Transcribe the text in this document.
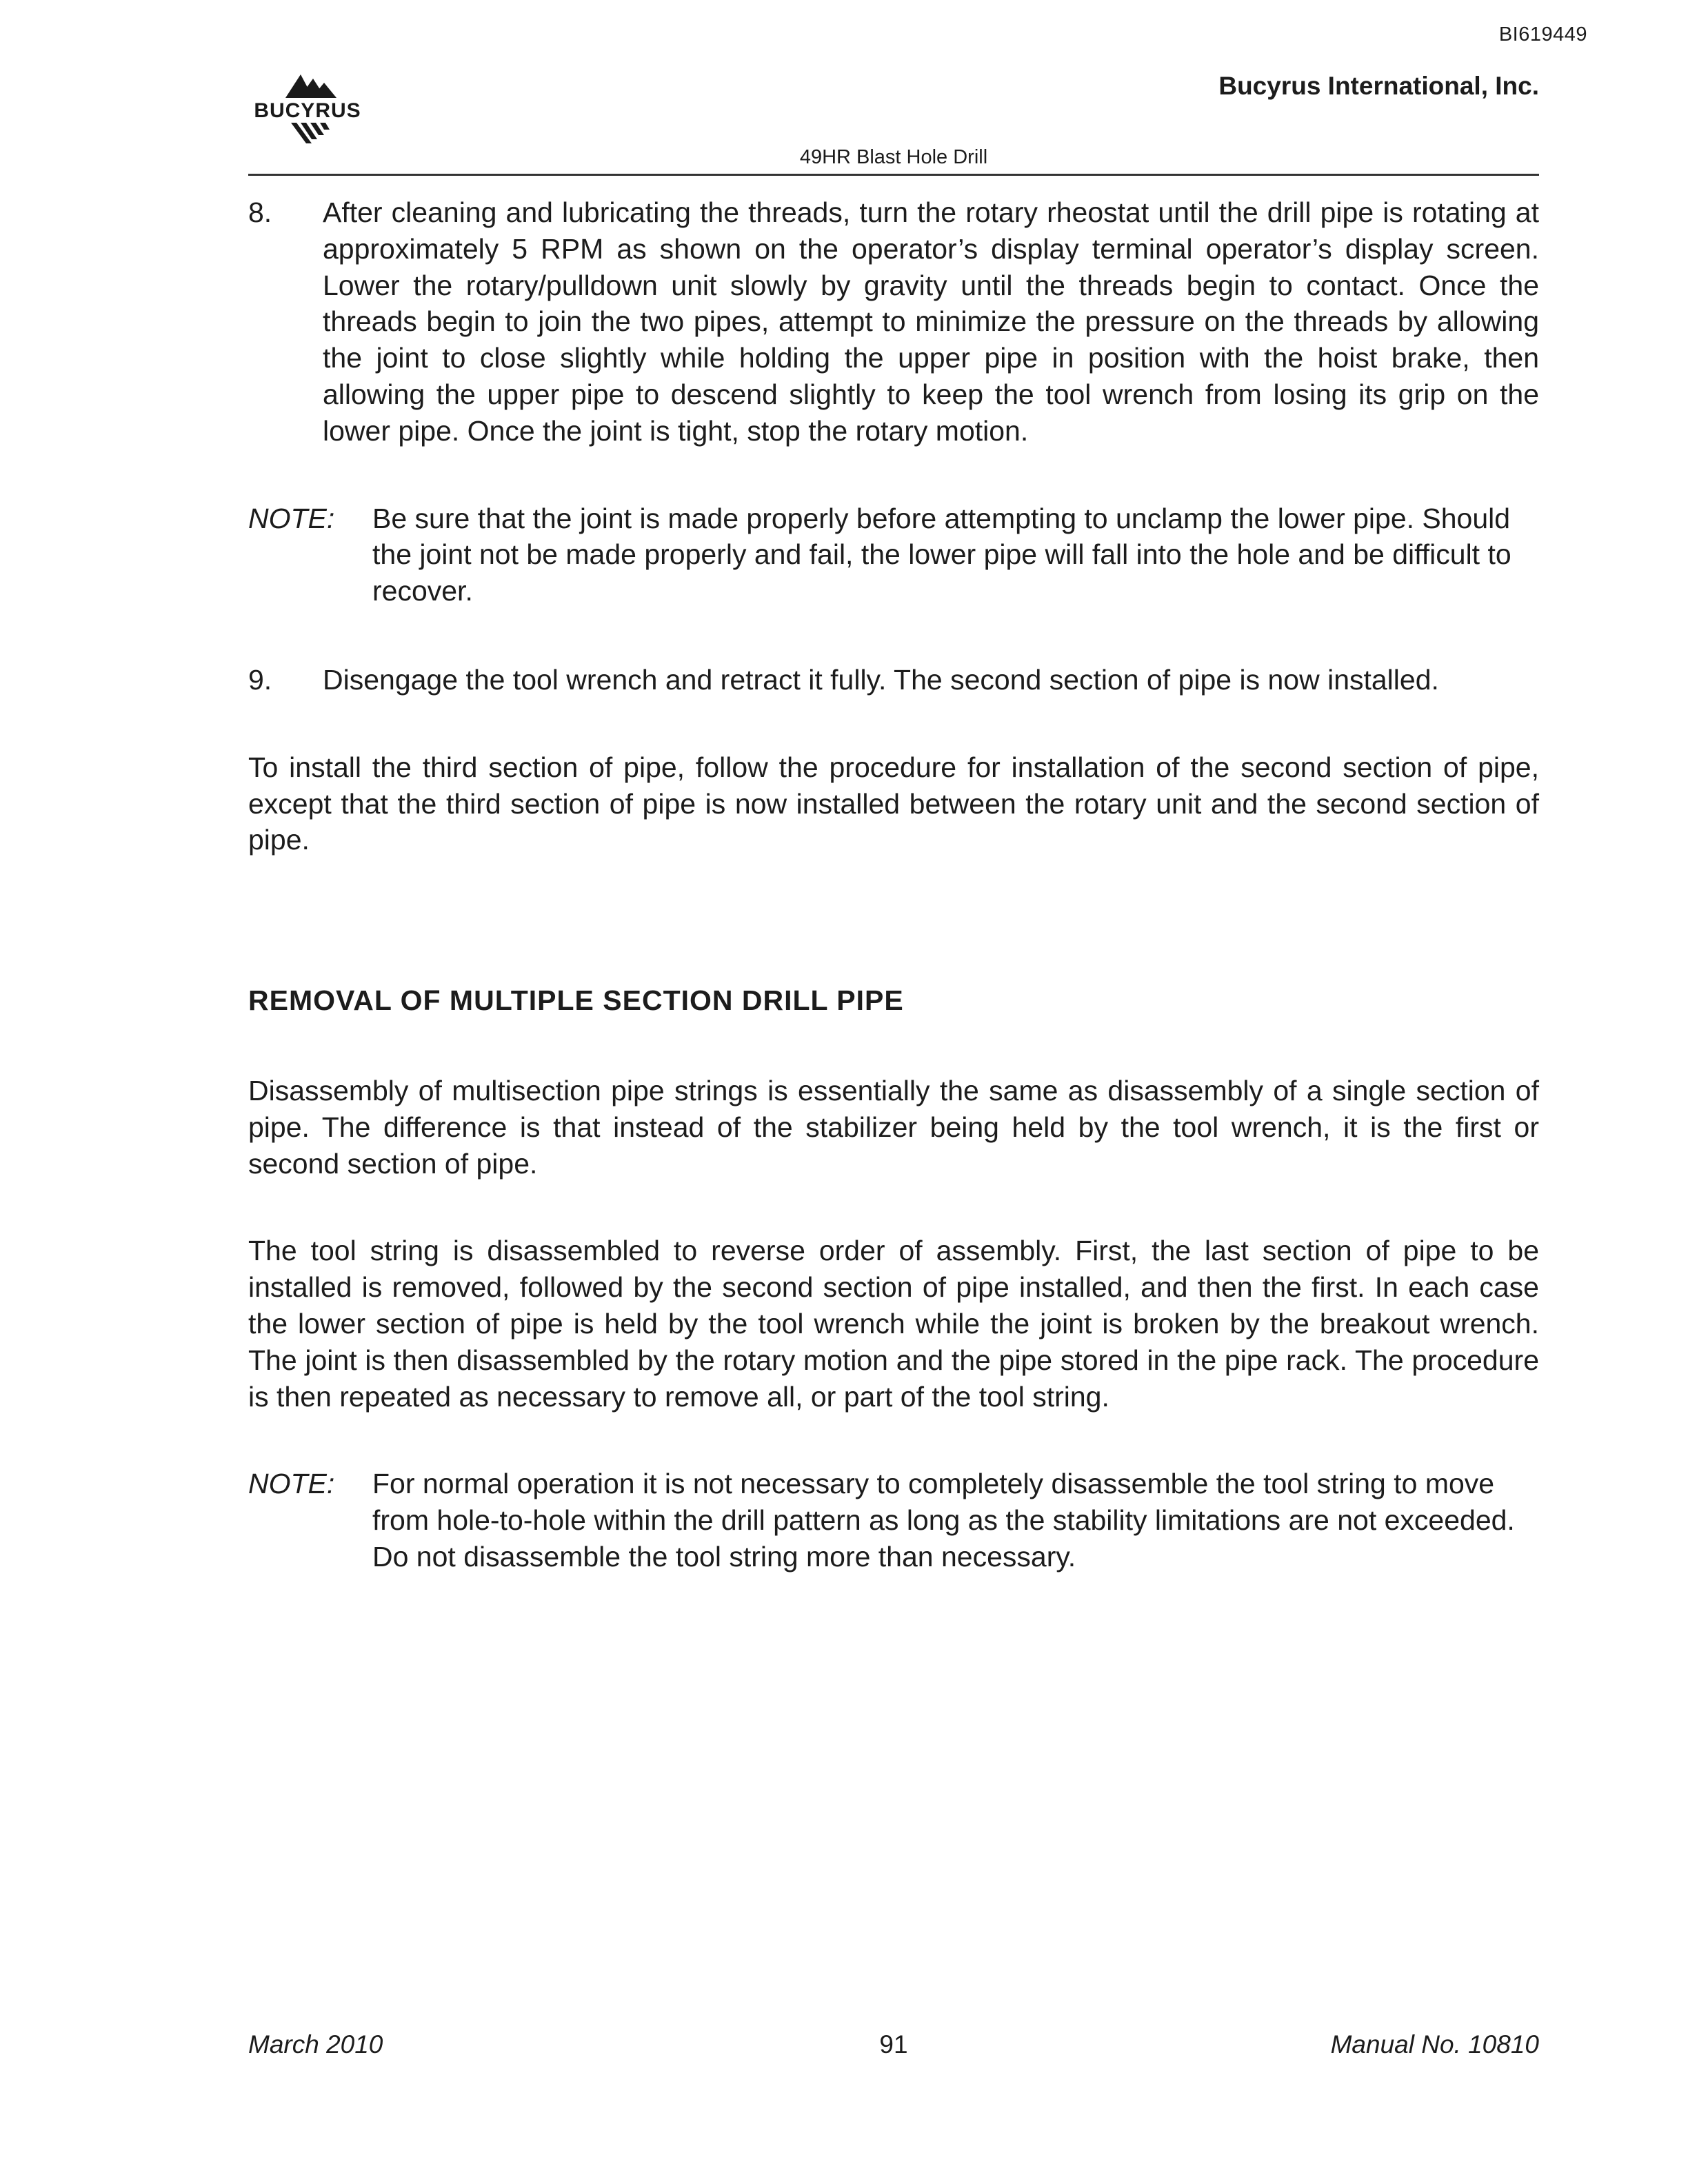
BI619449
BUCYRUS
Bucyrus International, Inc.
49HR Blast Hole Drill
8. After cleaning and lubricating the threads, turn the rotary rheostat until the drill pipe is rotating at approximately 5 RPM as shown on the operator’s display terminal operator’s display screen. Lower the rotary/pulldown unit slowly by gravity until the threads begin to contact. Once the threads begin to join the two pipes, attempt to minimize the pressure on the threads by allowing the joint to close slightly while holding the upper pipe in position with the hoist brake, then allowing the upper pipe to descend slightly to keep the tool wrench from losing its grip on the lower pipe. Once the joint is tight, stop the rotary motion.
NOTE: Be sure that the joint is made properly before attempting to unclamp the lower pipe. Should the joint not be made properly and fail, the lower pipe will fall into the hole and be difficult to recover.
9. Disengage the tool wrench and retract it fully. The second section of pipe is now installed.
To install the third section of pipe, follow the procedure for installation of the second section of pipe, except that the third section of pipe is now installed between the rotary unit and the second section of pipe.
REMOVAL OF MULTIPLE SECTION DRILL PIPE
Disassembly of multisection pipe strings is essentially the same as disassembly of a single section of pipe. The difference is that instead of the stabilizer being held by the tool wrench, it is the first or second section of pipe.
The tool string is disassembled to reverse order of assembly. First, the last section of pipe to be installed is removed, followed by the second section of pipe installed, and then the first. In each case the lower section of pipe is held by the tool wrench while the joint is broken by the breakout wrench. The joint is then disassembled by the rotary motion and the pipe stored in the pipe rack. The procedure is then repeated as necessary to remove all, or part of the tool string.
NOTE: For normal operation it is not necessary to completely disassemble the tool string to move from hole-to-hole within the drill pattern as long as the stability limitations are not exceeded. Do not disassemble the tool string more than necessary.
March 2010	91	Manual No. 10810
